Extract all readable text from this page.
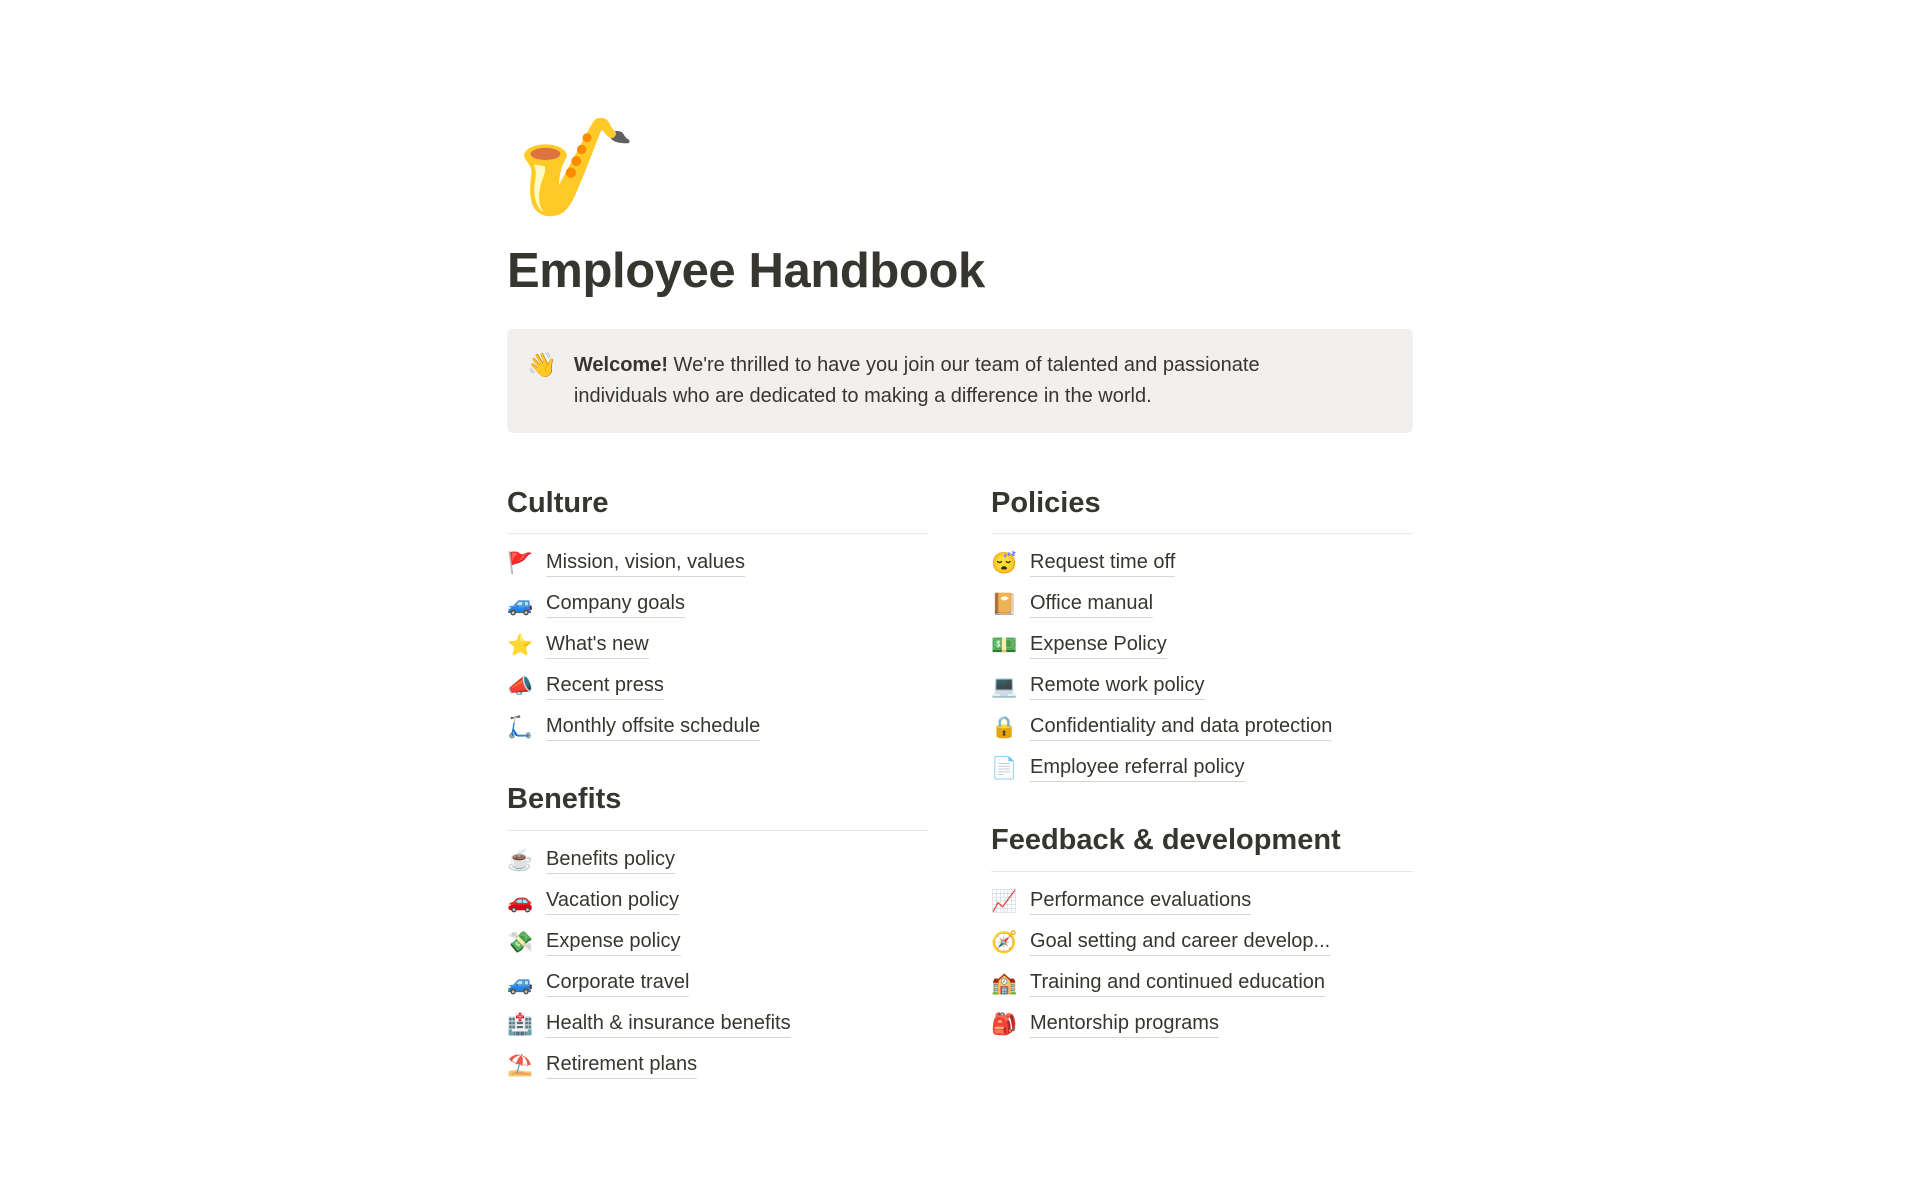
🎷
Employee Handbook
👋 Welcome! We're thrilled to have you join our team of talented and passionate individuals who are dedicated to making a difference in the world.
Culture
🚩 Mission, vision, values
🚙 Company goals
⭐ What's new
📣 Recent press
🛴 Monthly offsite schedule
Benefits
☕ Benefits policy
🚗 Vacation policy
💸 Expense policy
🚙 Corporate travel
🏥 Health & insurance benefits
⛱️ Retirement plans
Policies
😴 Request time off
📔 Office manual
💵 Expense Policy
💻 Remote work policy
🔒 Confidentiality and data protection
📄 Employee referral policy
Feedback & development
📈 Performance evaluations
🧭 Goal setting and career develop...
🏫 Training and continued education
🎒 Mentorship programs
